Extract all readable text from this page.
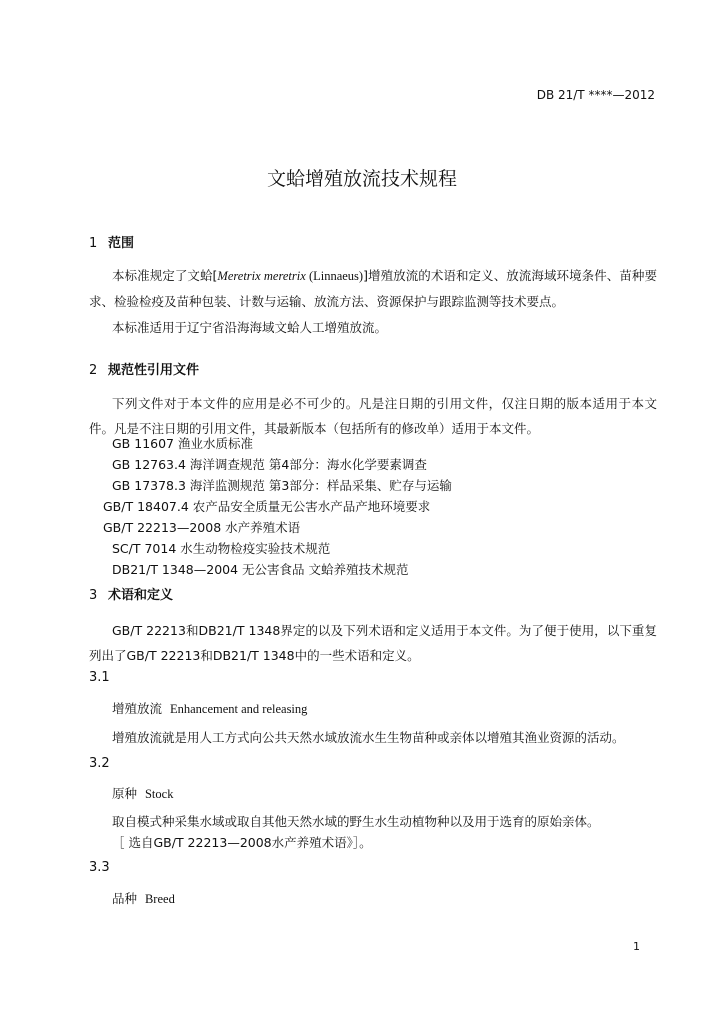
DB 21/T ****—2012
文蛤增殖放流技术规程
1 范围
本标准规定了文蛤[Meretrix meretrix (Linnaeus)]增殖放流的术语和定义、放流海域环境条件、苗种要求、检验检疫及苗种包装、计数与运输、放流方法、资源保护与跟踪监测等技术要点。
本标准适用于辽宁省沿海海域文蛤人工增殖放流。
2 规范性引用文件
下列文件对于本文件的应用是必不可少的。凡是注日期的引用文件，仅注日期的版本适用于本文件。凡是不注日期的引用文件，其最新版本（包括所有的修改单）适用于本文件。
GB 11607 渔业水质标准
GB 12763.4 海洋调查规范 第4部分：海水化学要素调查
GB 17378.3 海洋监测规范 第3部分：样品采集、贮存与运输
GB/T 18407.4 农产品安全质量无公害水产品产地环境要求
GB/T 22213—2008 水产养殖术语
SC/T 7014 水生动物检疫实验技术规范
DB21/T 1348—2004 无公害食品 文蛤养殖技术规范
3 术语和定义
GB/T 22213和DB21/T 1348界定的以及下列术语和定义适用于本文件。为了便于使用，以下重复列出了GB/T 22213和DB21/T 1348中的一些术语和定义。
3.1
增殖放流 Enhancement and releasing
增殖放流就是用人工方式向公共天然水域放流水生生物苗种或亲体以增殖其渔业资源的活动。
3.2
原种 Stock
取自模式种采集水域或取自其他天然水域的野生水生动植物种以及用于选育的原始亲体。
［ 选自GB/T 22213—2008水产养殖术语》］。
3.3
品种 Breed
1
